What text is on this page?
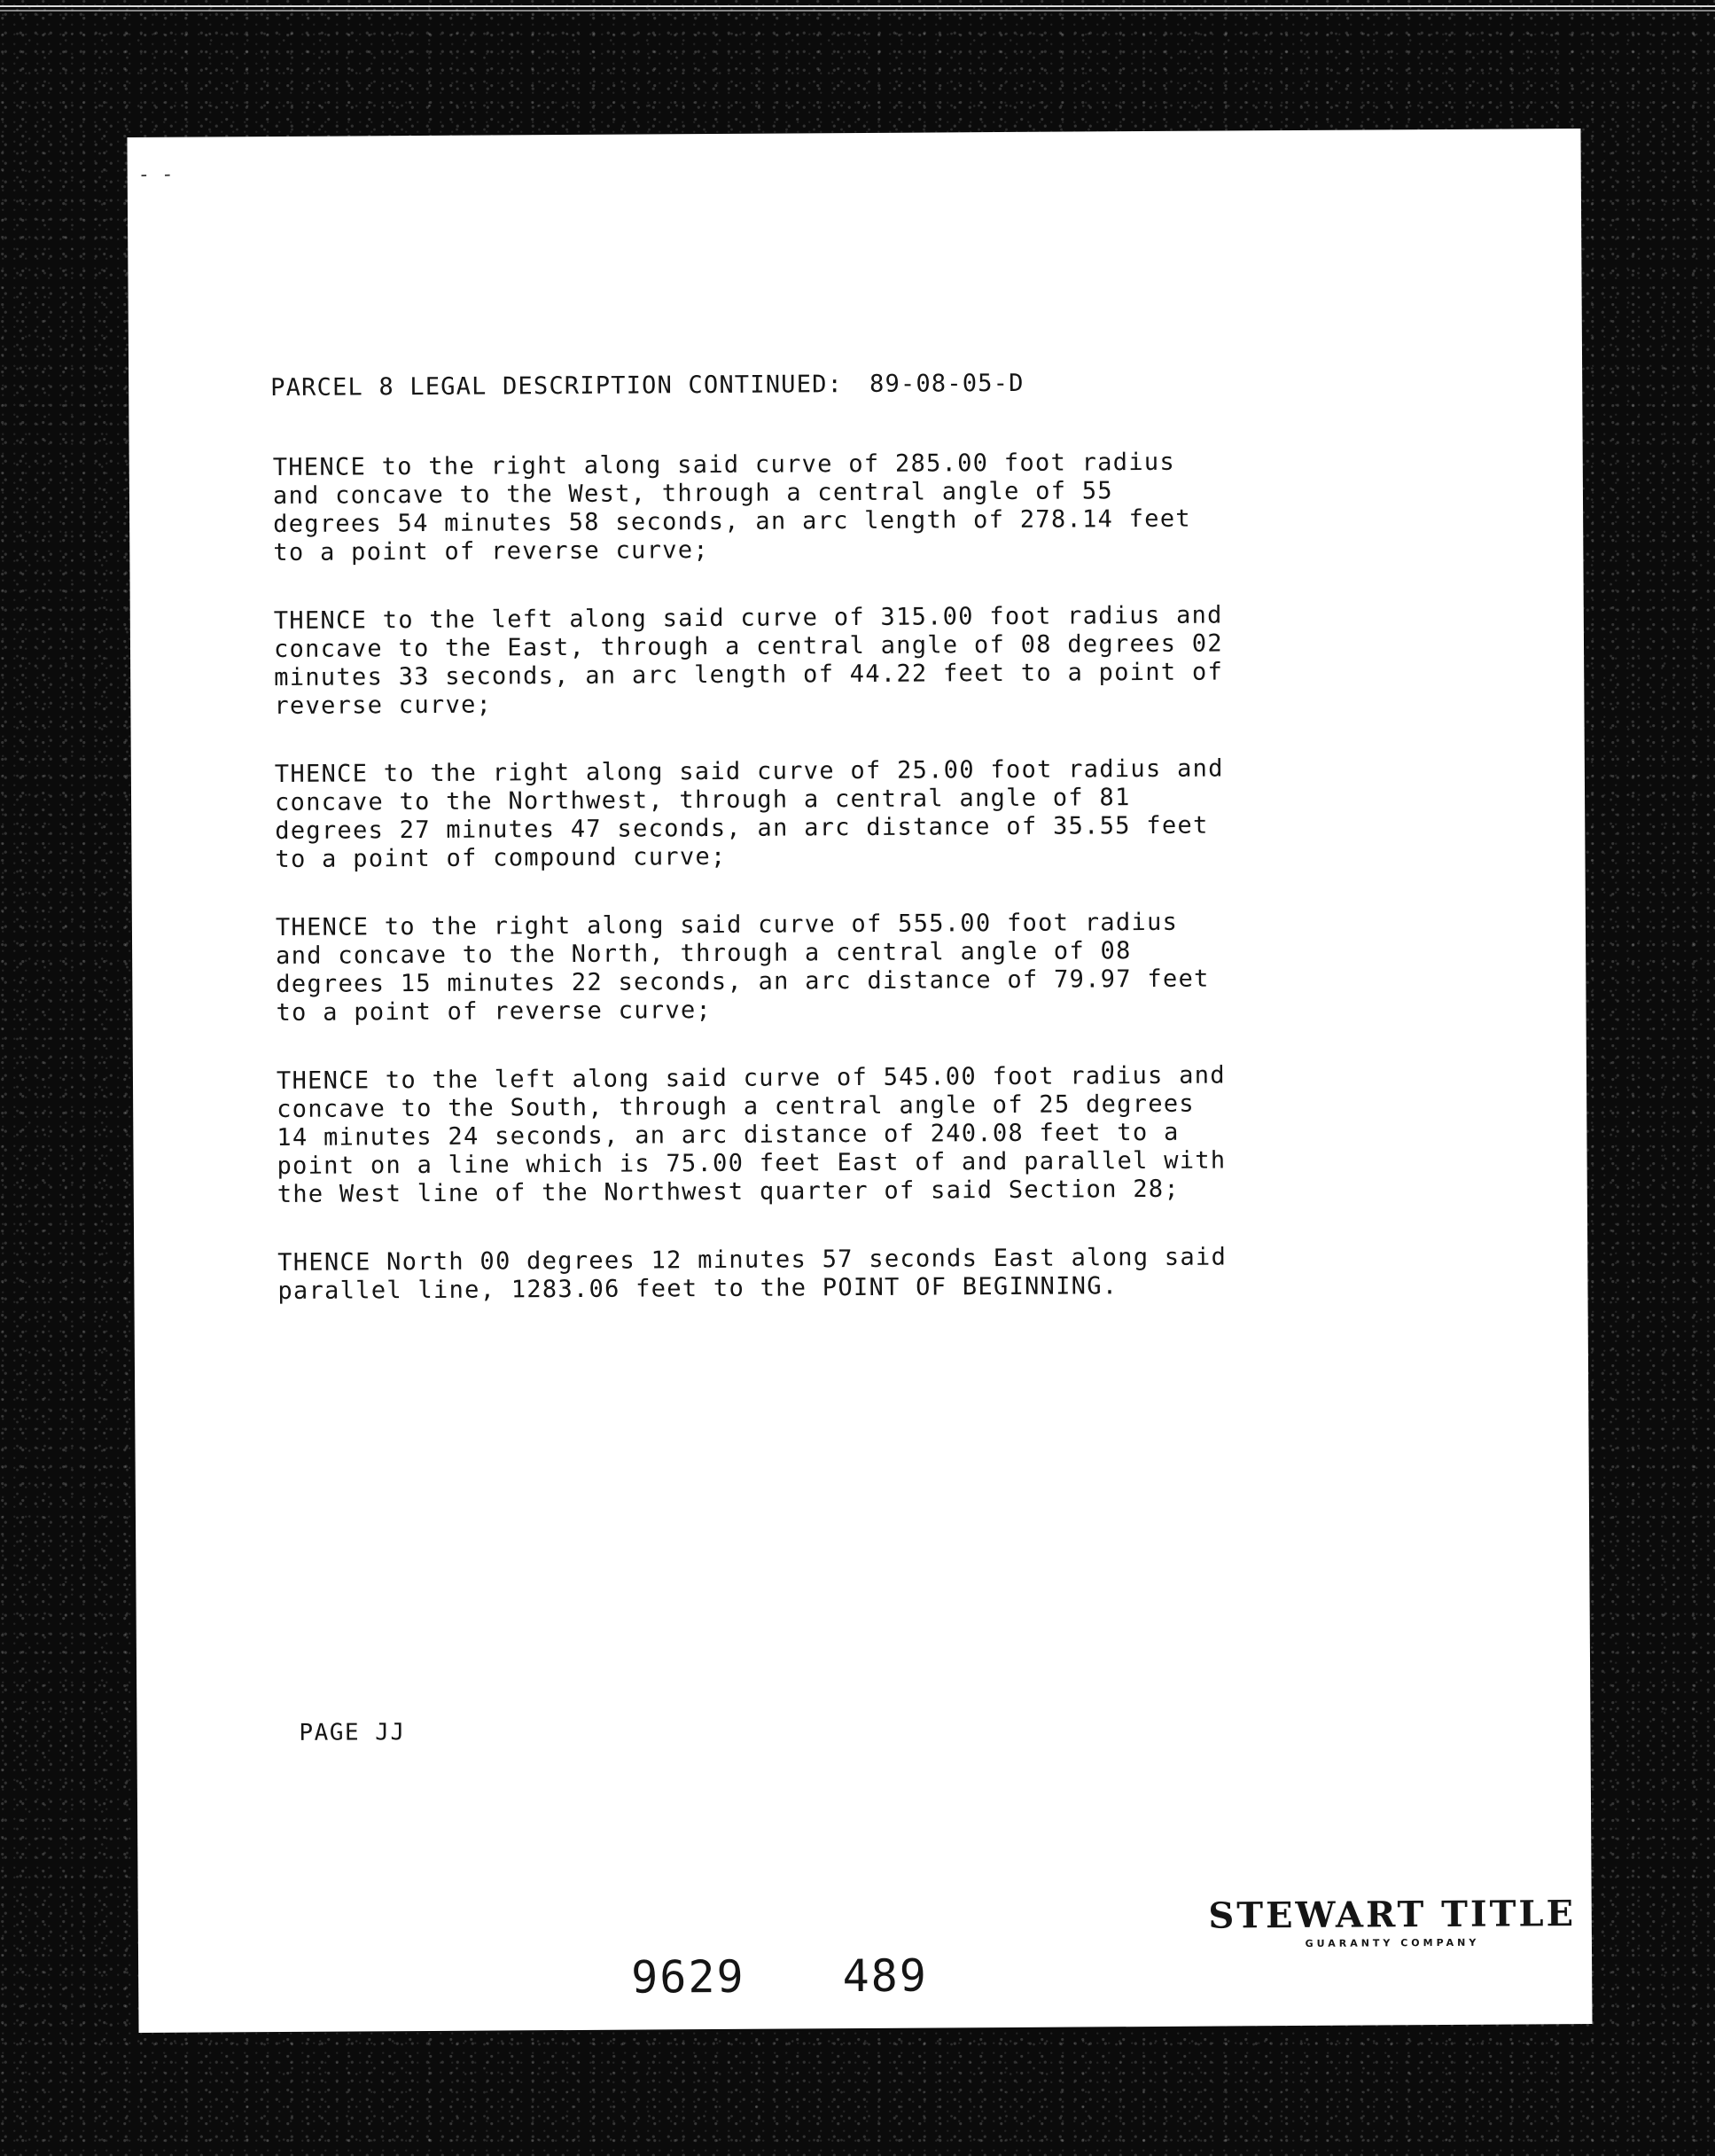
- -
PARCEL 8 LEGAL DESCRIPTION CONTINUED: 89-08-05-D

THENCE to the right along said curve of 285.00 foot radius
and concave to the West, through a central angle of 55
degrees 54 minutes 58 seconds, an arc length of 278.14 feet
to a point of reverse curve;

THENCE to the left along said curve of 315.00 foot radius and
concave to the East, through a central angle of 08 degrees 02
minutes 33 seconds, an arc length of 44.22 feet to a point of
reverse curve;

THENCE to the right along said curve of 25.00 foot radius and
concave to the Northwest, through a central angle of 81
degrees 27 minutes 47 seconds, an arc distance of 35.55 feet
to a point of compound curve;

THENCE to the right along said curve of 555.00 foot radius
and concave to the North, through a central angle of 08
degrees 15 minutes 22 seconds, an arc distance of 79.97 feet
to a point of reverse curve;

THENCE to the left along said curve of 545.00 foot radius and
concave to the South, through a central angle of 25 degrees
14 minutes 24 seconds, an arc distance of 240.08 feet to a
point on a line which is 75.00 feet East of and parallel with
the West line of the Northwest quarter of said Section 28;

THENCE North 00 degrees 12 minutes 57 seconds East along said
parallel line, 1283.06 feet to the POINT OF BEGINNING.

PAGE JJ
9629 489
STEWART TITLE
GUARANTY COMPANY
